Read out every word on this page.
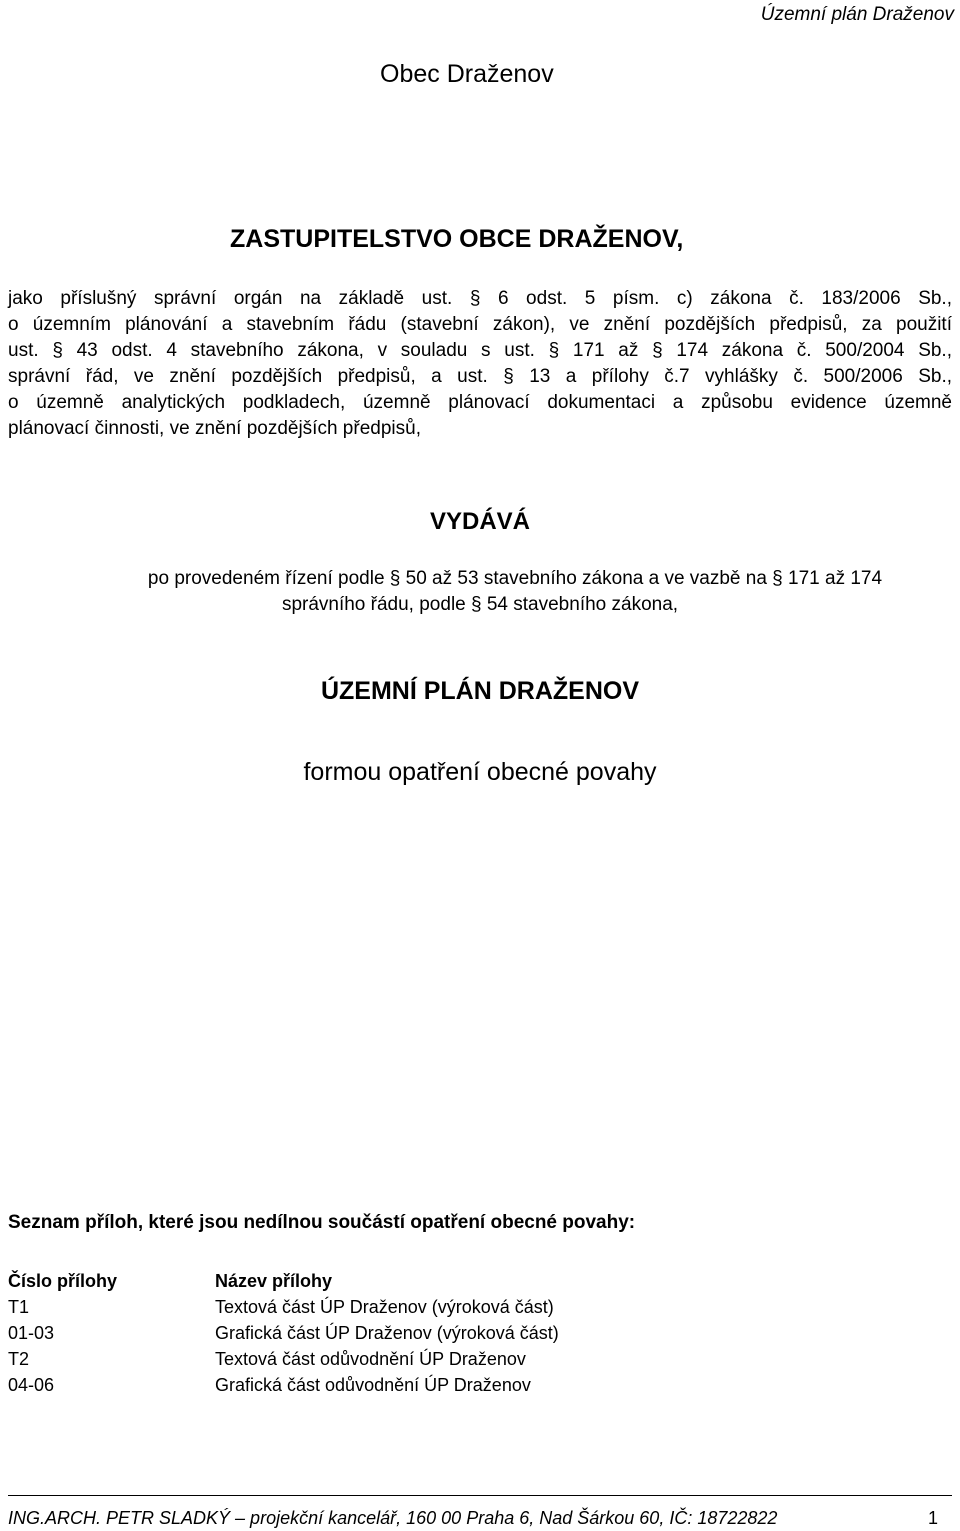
Územní plán Draženov
Obec Draženov
ZASTUPITELSTVO OBCE DRAŽENOV,
jako příslušný správní orgán na základě ust. § 6 odst. 5 písm. c) zákona č. 183/2006 Sb.,
o územním plánování a stavebním řádu (stavební zákon), ve znění pozdějších předpisů, za použití
ust. § 43 odst. 4 stavebního zákona, v souladu s ust. § 171 až § 174 zákona č. 500/2004 Sb.,
správní řád, ve znění pozdějších předpisů, a ust. § 13 a přílohy č.7 vyhlášky č. 500/2006 Sb.,
o územně analytických podkladech, územně plánovací dokumentaci a způsobu evidence územně
plánovací činnosti, ve znění pozdějších předpisů,
VYDÁVÁ
po provedeném řízení podle § 50 až 53 stavebního zákona a ve vazbě na § 171 až 174
správního řádu, podle § 54 stavebního zákona,
ÚZEMNÍ PLÁN DRAŽENOV
formou opatření obecné povahy
Seznam příloh, které jsou nedílnou součástí opatření obecné povahy:
Číslo přílohy	Název přílohy
T1	Textová část ÚP Draženov (výroková část)
01-03	Grafická část ÚP Draženov (výroková část)
T2	Textová část odůvodnění ÚP Draženov
04-06	Grafická část odůvodnění ÚP Draženov
ING.ARCH. PETR SLADKÝ – projekční kancelář, 160 00 Praha 6, Nad Šárkou 60, IČ: 18722822	1
